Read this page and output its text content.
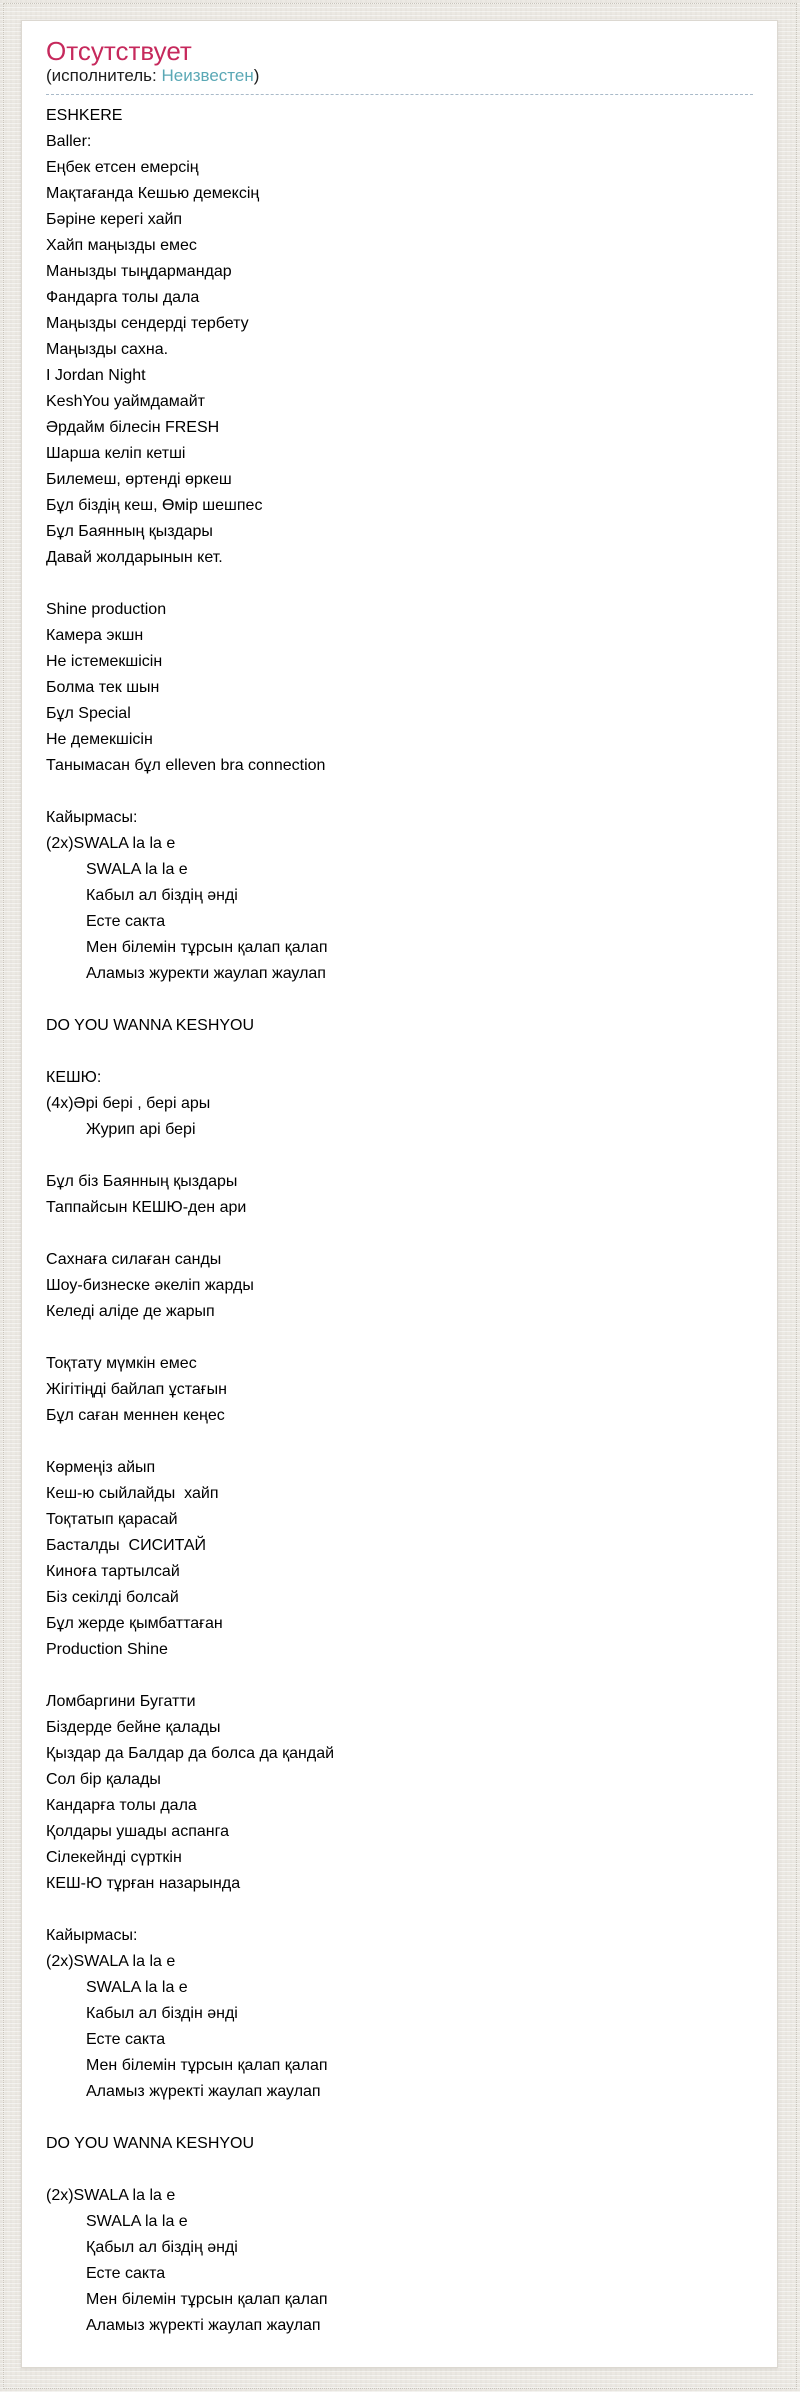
Отсутствует
(исполнитель: Неизвестен)
ESHKERE
Baller:
Еңбек етсен емерсің
Мақтағанда Кешью демексің
Бәріне керегі хайп
Хайп маңызды емес
Манызды тыңдармандар
Фандарга толы дала
Маңызды сендерді тербету
Маңызды сахна.
I Jordan Night
KeshYou уаймдамайт
Әрдайм білесін FRESH
Шарша келіп кетші
Билемеш, өртенді өркеш
Бұл біздің кеш, Өмір шешпес
Бұл Баянның қыздары
Давай жолдарынын кет.

Shine production
Камера экшн
Не істемекшісін
Болма тек шын
Бұл Special
Не демекшісін
Танымасан бұл elleven bra connection

Кайырмасы:
(2x)SWALA la la e
SWALA la la e
Кабыл ал біздің әнді
Есте сакта
Мен білемін тұрсын қалап қалап
Аламыз журекти жаулап жаулап

DO YOU WANNA KESHYOU

КЕШЮ:
(4x)Әрі бері , бері ары
Журип арі бері

Бұл біз Баянның қыздары
Таппайсын КЕШЮ-ден ари

Сахнаға силаған санды
Шоу-бизнеске әкеліп жарды
Келеді аліде де жарып

Тоқтату мүмкін емес
Жігітіңді байлап ұстағын
Бұл саған меннен кеңес

Көрмеңіз айып
Кеш-ю сыйлайды  хайп
Тоқтатып қарасай
Басталды  СИСИТАЙ
Киноға тартылсай
Біз секілді болсай
Бұл жерде қымбаттаған
Production Shine

Ломбаргини Бугатти
Біздерде бейне қалады
Қыздар да Балдар да болса да қандай
Сол бір қалады
Кандарға толы дала
Қолдары ушады аспанга
Сілекейнді сүрткін
КЕШ-Ю тұрған назарында

Кайырмасы:
(2x)SWALA la la e
SWALA la la e
Кабыл ал біздін әнді
Есте сакта
Мен білемін тұрсын қалап қалап
Аламыз жүректі жаулап жаулап

DO YOU WANNA KESHYOU

(2x)SWALA la la e
SWALA la la e
Қабыл ал біздің әнді
Есте сакта
Мен білемін тұрсын қалап қалап
Аламыз жүректі жаулап жаулап
